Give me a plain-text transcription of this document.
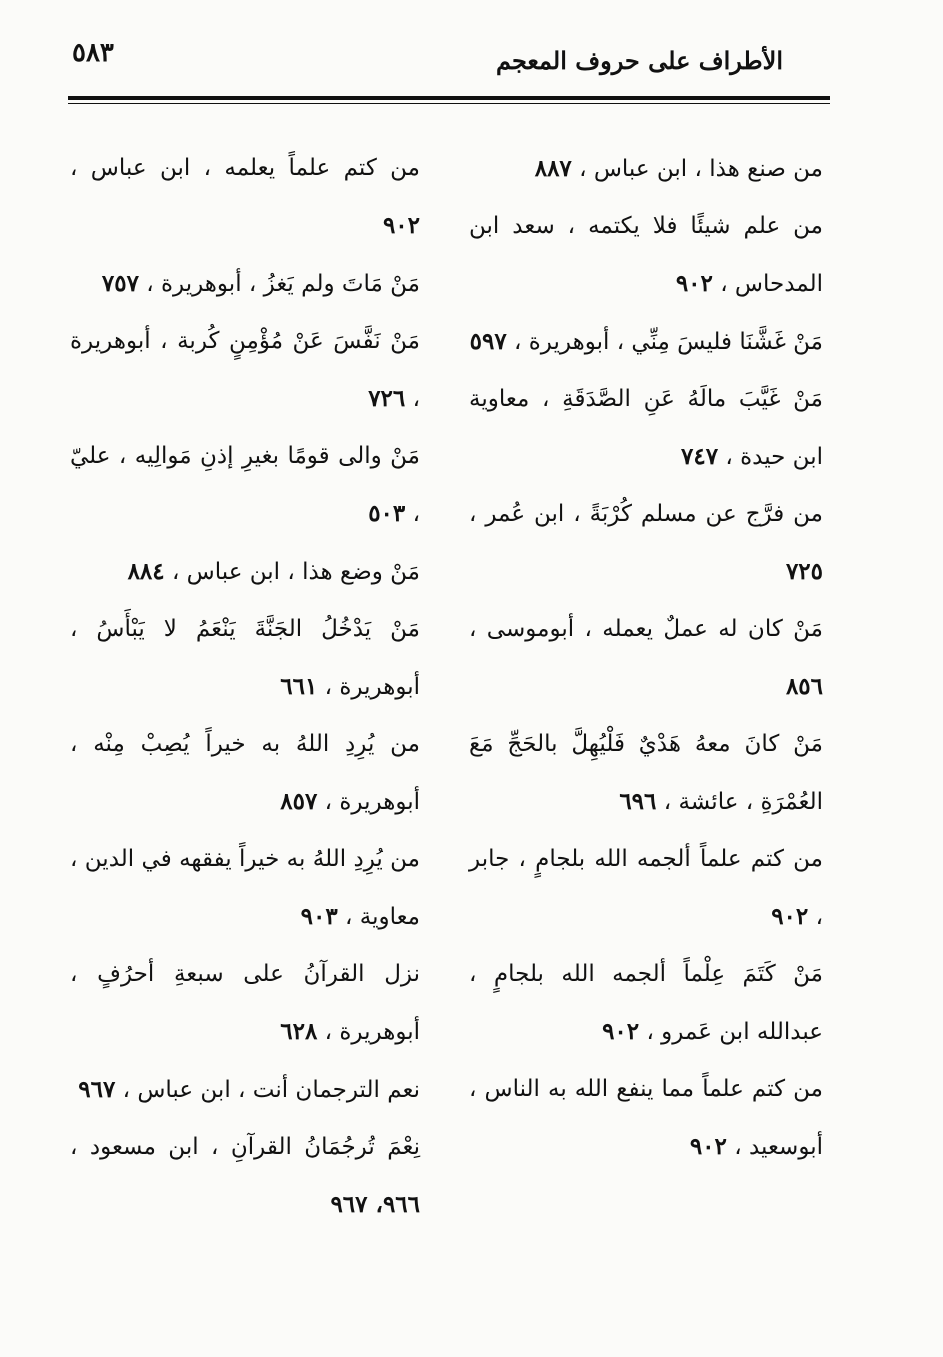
الأطراف على حروف المعجم
٥٨٣
من صنع هذا ، ابن عباس ، ٨٨٧
من علم شيئًا فلا يكتمه ، سعد ابن المدحاس ، ٩٠٢
مَنْ غَشَّنَا فليسَ مِنِّي ، أبوهريرة ، ٥٩٧
مَنْ غَيَّبَ مالَهُ عَنِ الصَّدَقَةِ ، معاوية ابن حيدة ، ٧٤٧
من فرَّج عن مسلم كُرْبَةً ، ابن عُمر ، ٧٢٥
مَنْ كان له عملٌ يعمله ، أبوموسى ، ٨٥٦
مَنْ كانَ معهُ هَدْيٌ فَلْيُهِلَّ بالحَجِّ مَعَ العُمْرَةِ ، عائشة ، ٦٩٦
من كتم علماً ألجمه الله بلجامٍ ، جابر ، ٩٠٢
مَنْ كَتَمَ عِلْماً ألجمه الله بلجامٍ ، عبدالله ابن عَمرو ، ٩٠٢
من كتم علماً مما ينفع الله به الناس ، أبوسعيد ، ٩٠٢
من كتم علماً يعلمه ، ابن عباس ، ٩٠٢
مَنْ مَاتَ ولم يَغزُ ، أبوهريرة ، ٧٥٧
مَنْ نَفَّسَ عَنْ مُؤْمِنٍ كُربة ، أبوهريرة ، ٧٢٦
مَنْ والى قومًا بغيرِ إذنِ مَوالِيه ، عليّ ، ٥٠٣
مَنْ وضع هذا ، ابن عباس ، ٨٨٤
مَنْ يَدْخُلُ الجَنَّةَ يَنْعَمُ لا يَبْأَسُ ، أبوهريرة ، ٦٦١
من يُرِدِ اللهُ به خيراً يُصِبْ مِنْه ، أبوهريرة ، ٨٥٧
من يُرِدِ اللهُ به خيراً يفقهه في الدين ، معاوية ، ٩٠٣
نزل القرآنُ على سبعةِ أحرُفٍ ، أبوهريرة ، ٦٢٨
نعم الترجمان أنت ، ابن عباس ، ٩٦٧
نِعْمَ تُرجُمَانُ القرآنِ ، ابن مسعود ، ٩٦٦، ٩٦٧
